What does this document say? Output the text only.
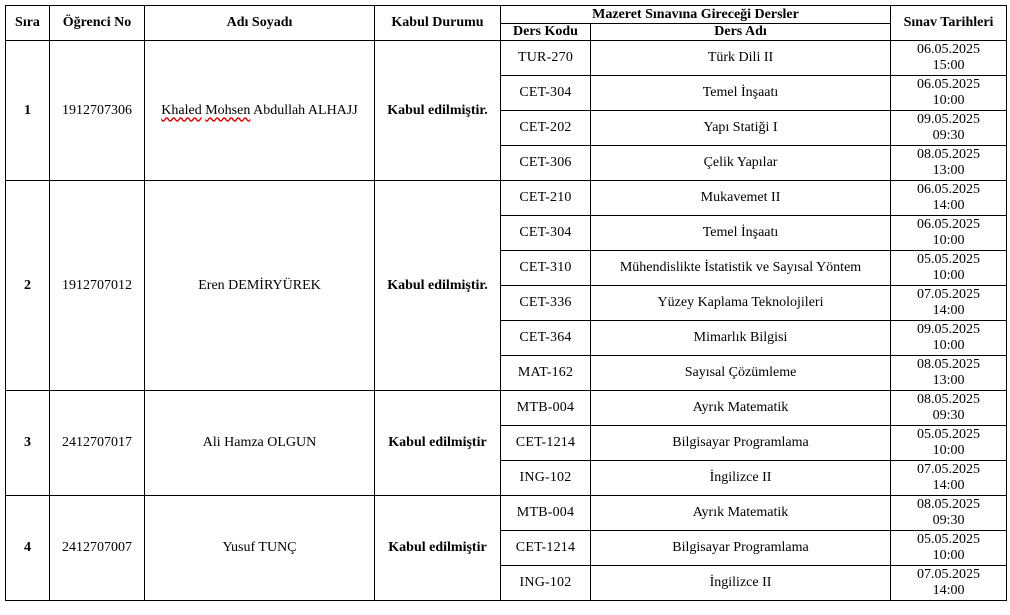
Sıra	Öğrenci No	Adı Soyadı	Kabul Durumu	Mazeret Sınavına Gireceği Dersler		Sınav Tarihleri
				Ders Kodu	Ders Adı	
1	1912707306	Khaled Mohsen Abdullah ALHAJJ	Kabul edilmiştir.	TUR-270	Türk Dili II	06.05.2025
15:00

				CET-304	Temel İnşaatı	06.05.2025
10:00

				CET-202	Yapı Statiği I	09.05.2025
09:30

				CET-306	Çelik Yapılar	08.05.2025
13:00

2	1912707012	Eren DEMİRYÜREK	Kabul edilmiştir.	CET-210	Mukavemet II	06.05.2025
14:00

				CET-304	Temel İnşaatı	06.05.2025
10:00

				CET-310	Mühendislikte İstatistik ve Sayısal Yöntem	05.05.2025
10:00

				CET-336	Yüzey Kaplama Teknolojileri	07.05.2025
14:00

				CET-364	Mimarlık Bilgisi	09.05.2025
10:00

				MAT-162	Sayısal Çözümleme	08.05.2025
13:00

3	2412707017	Ali Hamza OLGUN	Kabul edilmiştir	MTB-004	Ayrık Matematik	08.05.2025
09:30

				CET-1214	Bilgisayar Programlama	05.05.2025
10:00

				ING-102	İngilizce II	07.05.2025
14:00

4	2412707007	Yusuf TUNÇ	Kabul edilmiştir	MTB-004	Ayrık Matematik	08.05.2025
09:30

				CET-1214	Bilgisayar Programlama	05.05.2025
10:00

				ING-102	İngilizce II	07.05.2025
14:00
